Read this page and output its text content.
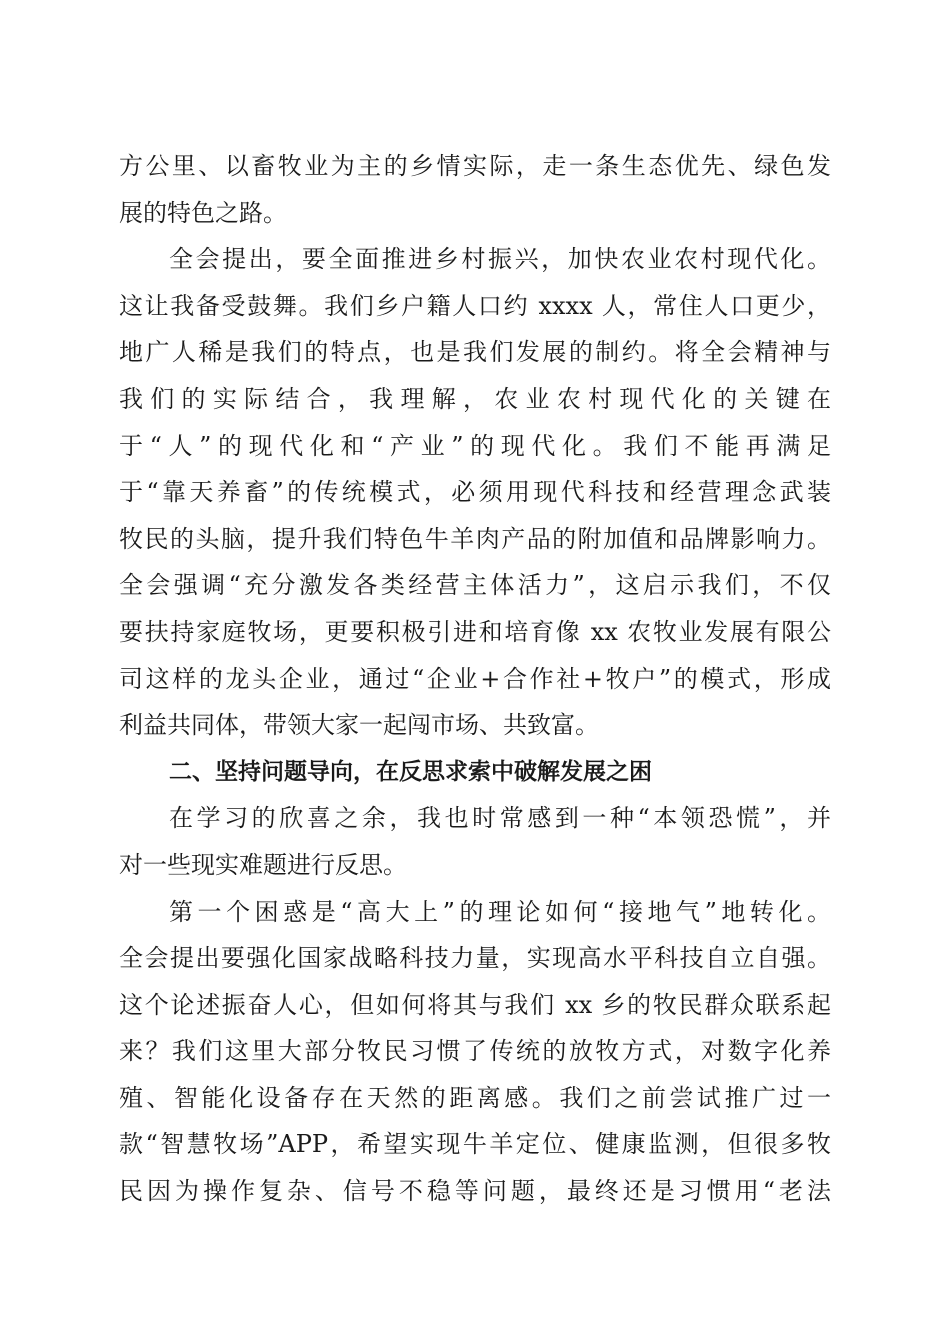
方公里、以畜牧业为主的乡情实际，走一条生态优先、绿色发
展的特色之路。
全会提出，要全面推进乡村振兴，加快农业农村现代化。
这让我备受鼓舞。我们乡户籍人口约 xxxx 人，常住人口更少，
地广人稀是我们的特点，也是我们发展的制约。将全会精神与
我们的实际结合，我理解，农业农村现代化的关键在
于“人”的现代化和“产业”的现代化。我们不能再满足
于“靠天养畜”的传统模式，必须用现代科技和经营理念武装
牧民的头脑，提升我们特色牛羊肉产品的附加值和品牌影响力。
全会强调“充分激发各类经营主体活力”，这启示我们，不仅
要扶持家庭牧场，更要积极引进和培育像 xx 农牧业发展有限公
司这样的龙头企业，通过“企业+合作社+牧户”的模式，形成
利益共同体，带领大家一起闯市场、共致富。
二、坚持问题导向，在反思求索中破解发展之困
在学习的欣喜之余，我也时常感到一种“本领恐慌”，并
对一些现实难题进行反思。
第一个困惑是“高大上”的理论如何“接地气”地转化。
全会提出要强化国家战略科技力量，实现高水平科技自立自强。
这个论述振奋人心，但如何将其与我们 xx 乡的牧民群众联系起
来？我们这里大部分牧民习惯了传统的放牧方式，对数字化养
殖、智能化设备存在天然的距离感。我们之前尝试推广过一
款“智慧牧场”APP，希望实现牛羊定位、健康监测，但很多牧
民因为操作复杂、信号不稳等问题，最终还是习惯用“老法
